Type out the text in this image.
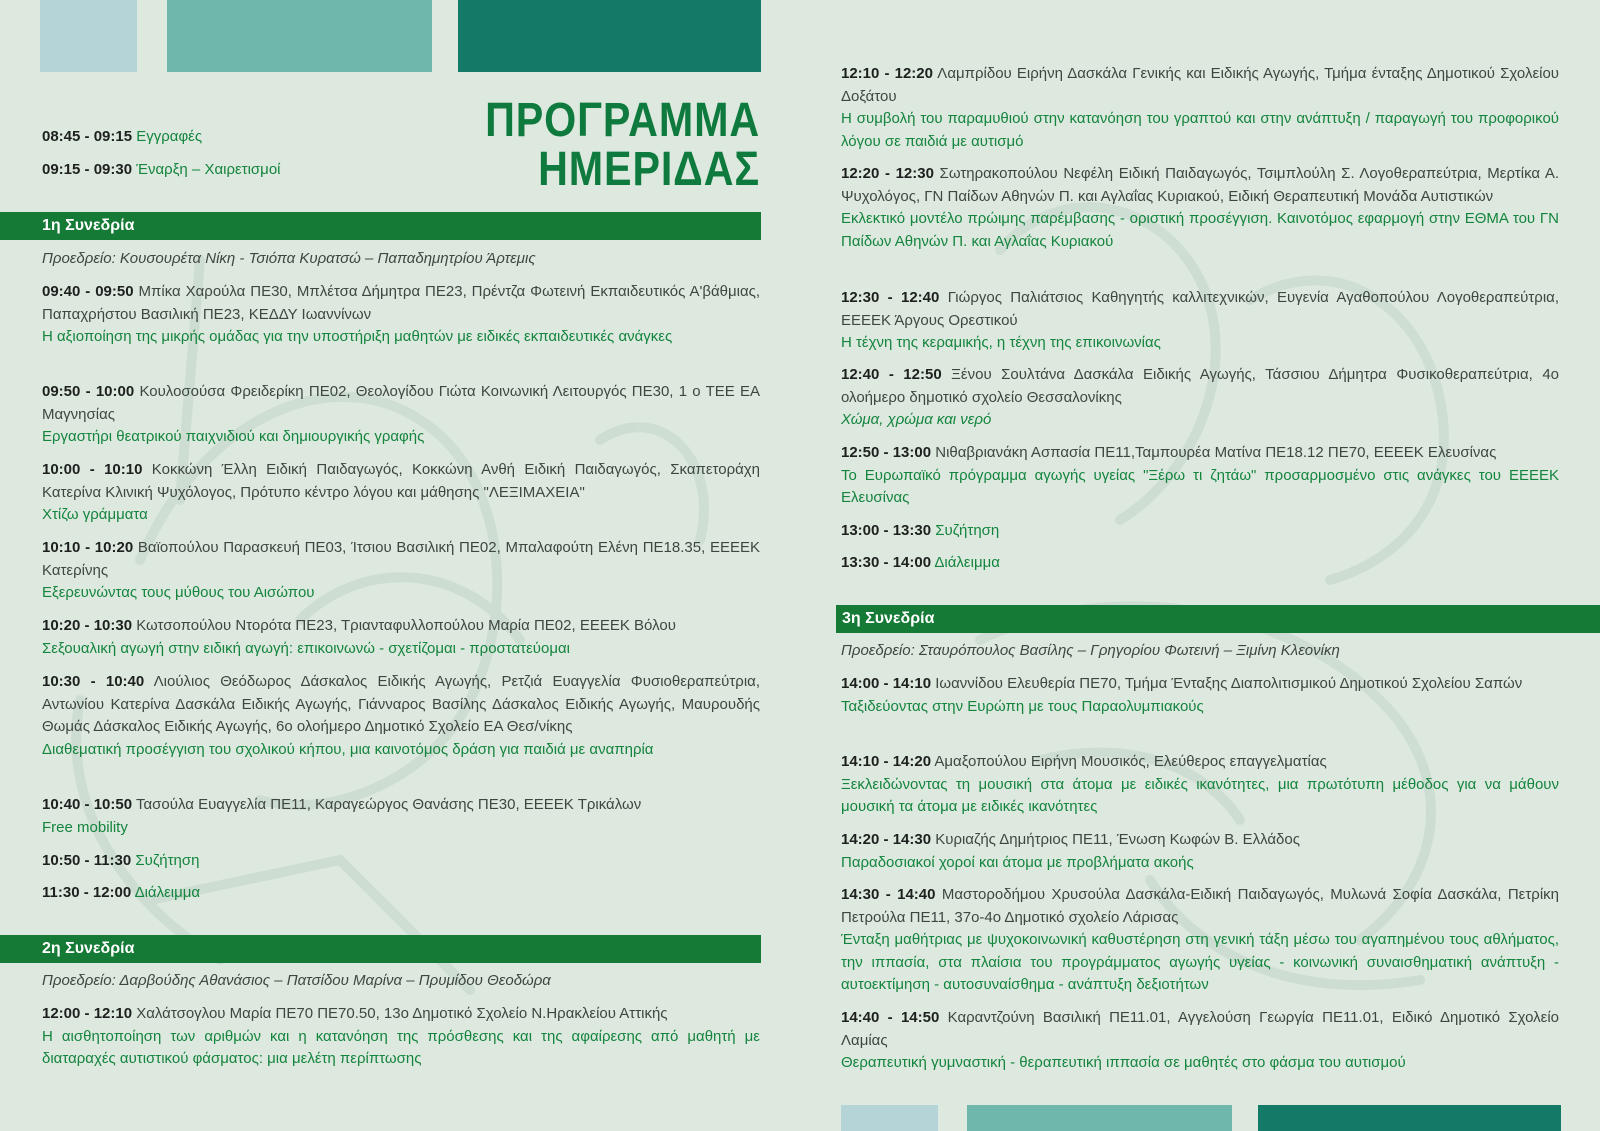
ΠΡΟΓΡΑΜΜΑ
ΗΜΕΡΙΔΑΣ
1η Συνεδρία
2η Συνεδρία
3η Συνεδρία

08:45 - 09:15 Εγγραφές

09:15 - 09:30 Έναρξη – Χαιρετισμοί

Προεδρείο: Κουσουρέτα Νίκη - Τσιόπα Κυρατσώ – Παπαδημητρίου Άρτεμις

09:40 - 09:50 Μπίκα Χαρούλα ΠΕ30, Μπλέτσα Δήμητρα ΠΕ23, Πρέντζα Φωτεινή Εκπαιδευτικός Α'βάθμιας, Παπαχρήστου Βασιλική ΠΕ23, ΚΕΔΔΥ Ιωαννίνων

Η αξιοποίηση της μικρής ομάδας για την υποστήριξη μαθητών με ειδικές εκπαιδευτικές ανάγκες

09:50 - 10:00 Κουλοσούσα Φρειδερίκη ΠΕ02, Θεολογίδου Γιώτα Κοινωνική Λειτουργός ΠΕ30, 1 ο ΤΕΕ ΕΑ Μαγνησίας

Εργαστήρι θεατρικού παιχνιδιού και δημιουργικής γραφής

10:00 - 10:10 Κοκκώνη Έλλη Ειδική Παιδαγωγός, Κοκκώνη Ανθή Ειδική Παιδαγωγός, Σκαπετοράχη Κατερίνα Κλινική Ψυχόλογος, Πρότυπο κέντρο λόγου και μάθησης "ΛΕΞΙΜΑΧΕΙΑ"

Χτίζω γράμματα

10:10 - 10:20 Βαϊοπούλου Παρασκευή ΠΕ03, Ίτσιου Βασιλική ΠΕ02, Μπαλαφούτη Ελένη ΠΕ18.35, ΕΕΕΕΚ Κατερίνης

Εξερευνώντας τους μύθους του Αισώπου

10:20 - 10:30 Κωτσοπούλου Ντορότα ΠΕ23, Τριανταφυλλοπούλου Μαρία ΠΕ02, ΕΕΕΕΚ Βόλου

Σεξουαλική αγωγή στην ειδική αγωγή: επικοινωνώ - σχετίζομαι - προστατεύομαι

10:30 - 10:40 Λιούλιος Θεόδωρος Δάσκαλος Ειδικής Αγωγής, Ρετζιά Ευαγγελία Φυσιοθεραπεύτρια, Αντωνίου Κατερίνα Δασκάλα Ειδικής Αγωγής, Γιάνναρος Βασίλης Δάσκαλος Ειδικής Αγωγής, Μαυρουδής Θωμάς Δάσκαλος Ειδικής Αγωγής, 6ο ολοήμερο Δημοτικό Σχολείο ΕΑ Θεσ/νίκης

Διαθεματική προσέγγιση του σχολικού κήπου, μια καινοτόμος δράση για παιδιά με αναπηρία

10:40 - 10:50 Τασούλα Ευαγγελία ΠΕ11, Καραγεώργος Θανάσης ΠΕ30, ΕΕΕΕΚ Τρικάλων

Free mobility

10:50 - 11:30 Συζήτηση

11:30 - 12:00 Διάλειμμα

Προεδρείο: Δαρβούδης Αθανάσιος – Πατσίδου Μαρίνα – Πρυμίδου Θεοδώρα

12:00 - 12:10 Χαλάτσογλου Μαρία ΠΕ70 ΠΕ70.50, 13ο Δημοτικό Σχολείο Ν.Ηρακλείου Αττικής

Η αισθητοποίηση των αριθμών και η κατανόηση της πρόσθεσης και της αφαίρεσης από μαθητή με διαταραχές αυτιστικού φάσματος: μια μελέτη περίπτωσης

12:10 - 12:20 Λαμπρίδου Ειρήνη Δασκάλα Γενικής και Ειδικής Αγωγής, Τμήμα ένταξης Δημοτικού Σχολείου Δοξάτου

Η συμβολή του παραμυθιού στην κατανόηση του γραπτού και στην ανάπτυξη / παραγωγή του προφορικού λόγου σε παιδιά με αυτισμό

12:20 - 12:30 Σωτηρακοπούλου Νεφέλη Ειδική Παιδαγωγός, Τσιμπλούλη Σ. Λογοθεραπεύτρια, Μερτίκα Α. Ψυχολόγος, ΓΝ Παίδων Αθηνών Π. και Αγλαΐας Κυριακού, Ειδική Θεραπευτική Μονάδα Αυτιστικών

Εκλεκτικό μοντέλο πρώιμης παρέμβασης - οριστική προσέγγιση. Καινοτόμος εφαρμογή στην ΕΘΜΑ του ΓΝ Παίδων Αθηνών Π. και Αγλαΐας Κυριακού

12:30 - 12:40 Γιώργος Παλιάτσιος Καθηγητής καλλιτεχνικών, Ευγενία Αγαθοπούλου Λογοθεραπεύτρια, ΕΕΕΕΚ Άργους Ορεστικού

Η τέχνη της κεραμικής, η τέχνη της επικοινωνίας

12:40 - 12:50 Ξένου Σουλτάνα Δασκάλα Ειδικής Αγωγής, Τάσσιου Δήμητρα Φυσικοθεραπεύτρια, 4ο ολοήμερο δημοτικό σχολείο Θεσσαλονίκης

Χώμα, χρώμα και νερό

12:50 - 13:00 Νιθαβριανάκη Ασπασία ΠΕ11,Ταμπουρέα Ματίνα ΠΕ18.12 ΠΕ70, ΕΕΕΕΚ Ελευσίνας

Το Ευρωπαϊκό πρόγραμμα αγωγής υγείας "Ξέρω τι ζητάω" προσαρμοσμένο στις ανάγκες του ΕΕΕΕΚ Ελευσίνας

13:00 - 13:30 Συζήτηση

13:30 - 14:00 Διάλειμμα

Προεδρείο: Σταυρόπουλος Βασίλης – Γρηγορίου Φωτεινή – Ξιμίνη Κλεονίκη

14:00 - 14:10 Ιωαννίδου Ελευθερία ΠΕ70, Τμήμα Ένταξης Διαπολιτισμικού Δημοτικού Σχολείου Σαπών

Ταξιδεύοντας στην Ευρώπη με τους Παραολυμπιακούς

14:10 - 14:20 Αμαξοπούλου Ειρήνη Μουσικός, Ελεύθερος επαγγελματίας

Ξεκλειδώνοντας τη μουσική στα άτομα με ειδικές ικανότητες, μια πρωτότυπη μέθοδος για να μάθουν μουσική τα άτομα με ειδικές ικανότητες

14:20 - 14:30 Κυριαζής Δημήτριος ΠΕ11, Ένωση Κωφών Β. Ελλάδος

Παραδοσιακοί χοροί και άτομα με προβλήματα ακοής

14:30 - 14:40 Μαστοροδήμου Χρυσούλα Δασκάλα-Ειδική Παιδαγωγός, Μυλωνά Σοφία Δασκάλα, Πετρίκη Πετρούλα ΠΕ11, 37ο-4ο Δημοτικό σχολείο Λάρισας

Ένταξη μαθήτριας με ψυχοκοινωνική καθυστέρηση στη γενική τάξη μέσω του αγαπημένου τους αθλήματος, την ιππασία, στα πλαίσια του προγράμματος αγωγής υγείας - κοινωνική συναισθηματική ανάπτυξη - αυτοεκτίμηση - αυτοσυναίσθημα - ανάπτυξη δεξιοτήτων

14:40 - 14:50 Καραντζούνη Βασιλική ΠΕ11.01, Αγγελούση Γεωργία ΠΕ11.01, Ειδικό Δημοτικό Σχολείο Λαμίας

Θεραπευτική γυμναστική - θεραπευτική ιππασία σε μαθητές στο φάσμα του αυτισμού
